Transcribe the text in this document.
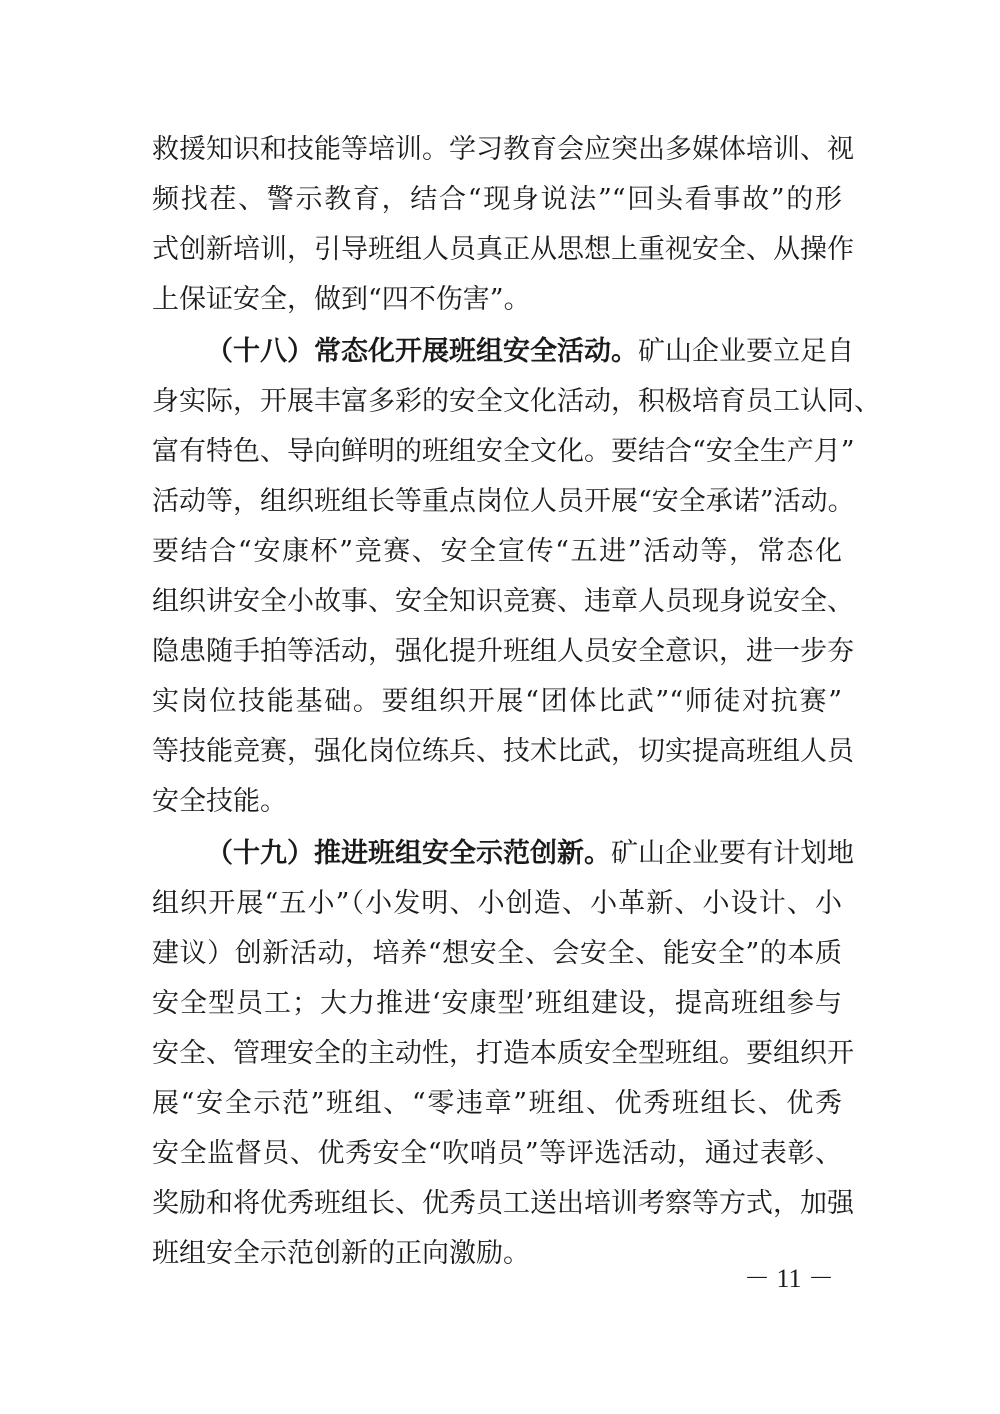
救援知识和技能等培训。学习教育会应突出多媒体培训、视
频找茬、警示教育，结合“现身说法”“回头看事故”的形
式创新培训，引导班组人员真正从思想上重视安全、从操作
上保证安全，做到“四不伤害”。
（十八）常态化开展班组安全活动。矿山企业要立足自
身实际，开展丰富多彩的安全文化活动，积极培育员工认同、
富有特色、导向鲜明的班组安全文化。要结合“安全生产月”
活动等，组织班组长等重点岗位人员开展“安全承诺”活动。
要结合“安康杯”竞赛、安全宣传“五进”活动等，常态化
组织讲安全小故事、安全知识竞赛、违章人员现身说安全、
隐患随手拍等活动，强化提升班组人员安全意识，进一步夯
实岗位技能基础。要组织开展“团体比武”“师徒对抗赛”
等技能竞赛，强化岗位练兵、技术比武，切实提高班组人员
安全技能。
（十九）推进班组安全示范创新。矿山企业要有计划地
组织开展“五小”（小发明、小创造、小革新、小设计、小
建议）创新活动，培养“想安全、会安全、能安全”的本质
安全型员工；大力推进‘安康型’班组建设，提高班组参与
安全、管理安全的主动性，打造本质安全型班组。要组织开
展“安全示范”班组、“零违章”班组、优秀班组长、优秀
安全监督员、优秀安全“吹哨员”等评选活动，通过表彰、
奖励和将优秀班组长、优秀员工送出培训考察等方式，加强
班组安全示范创新的正向激励。
－ 11 －
